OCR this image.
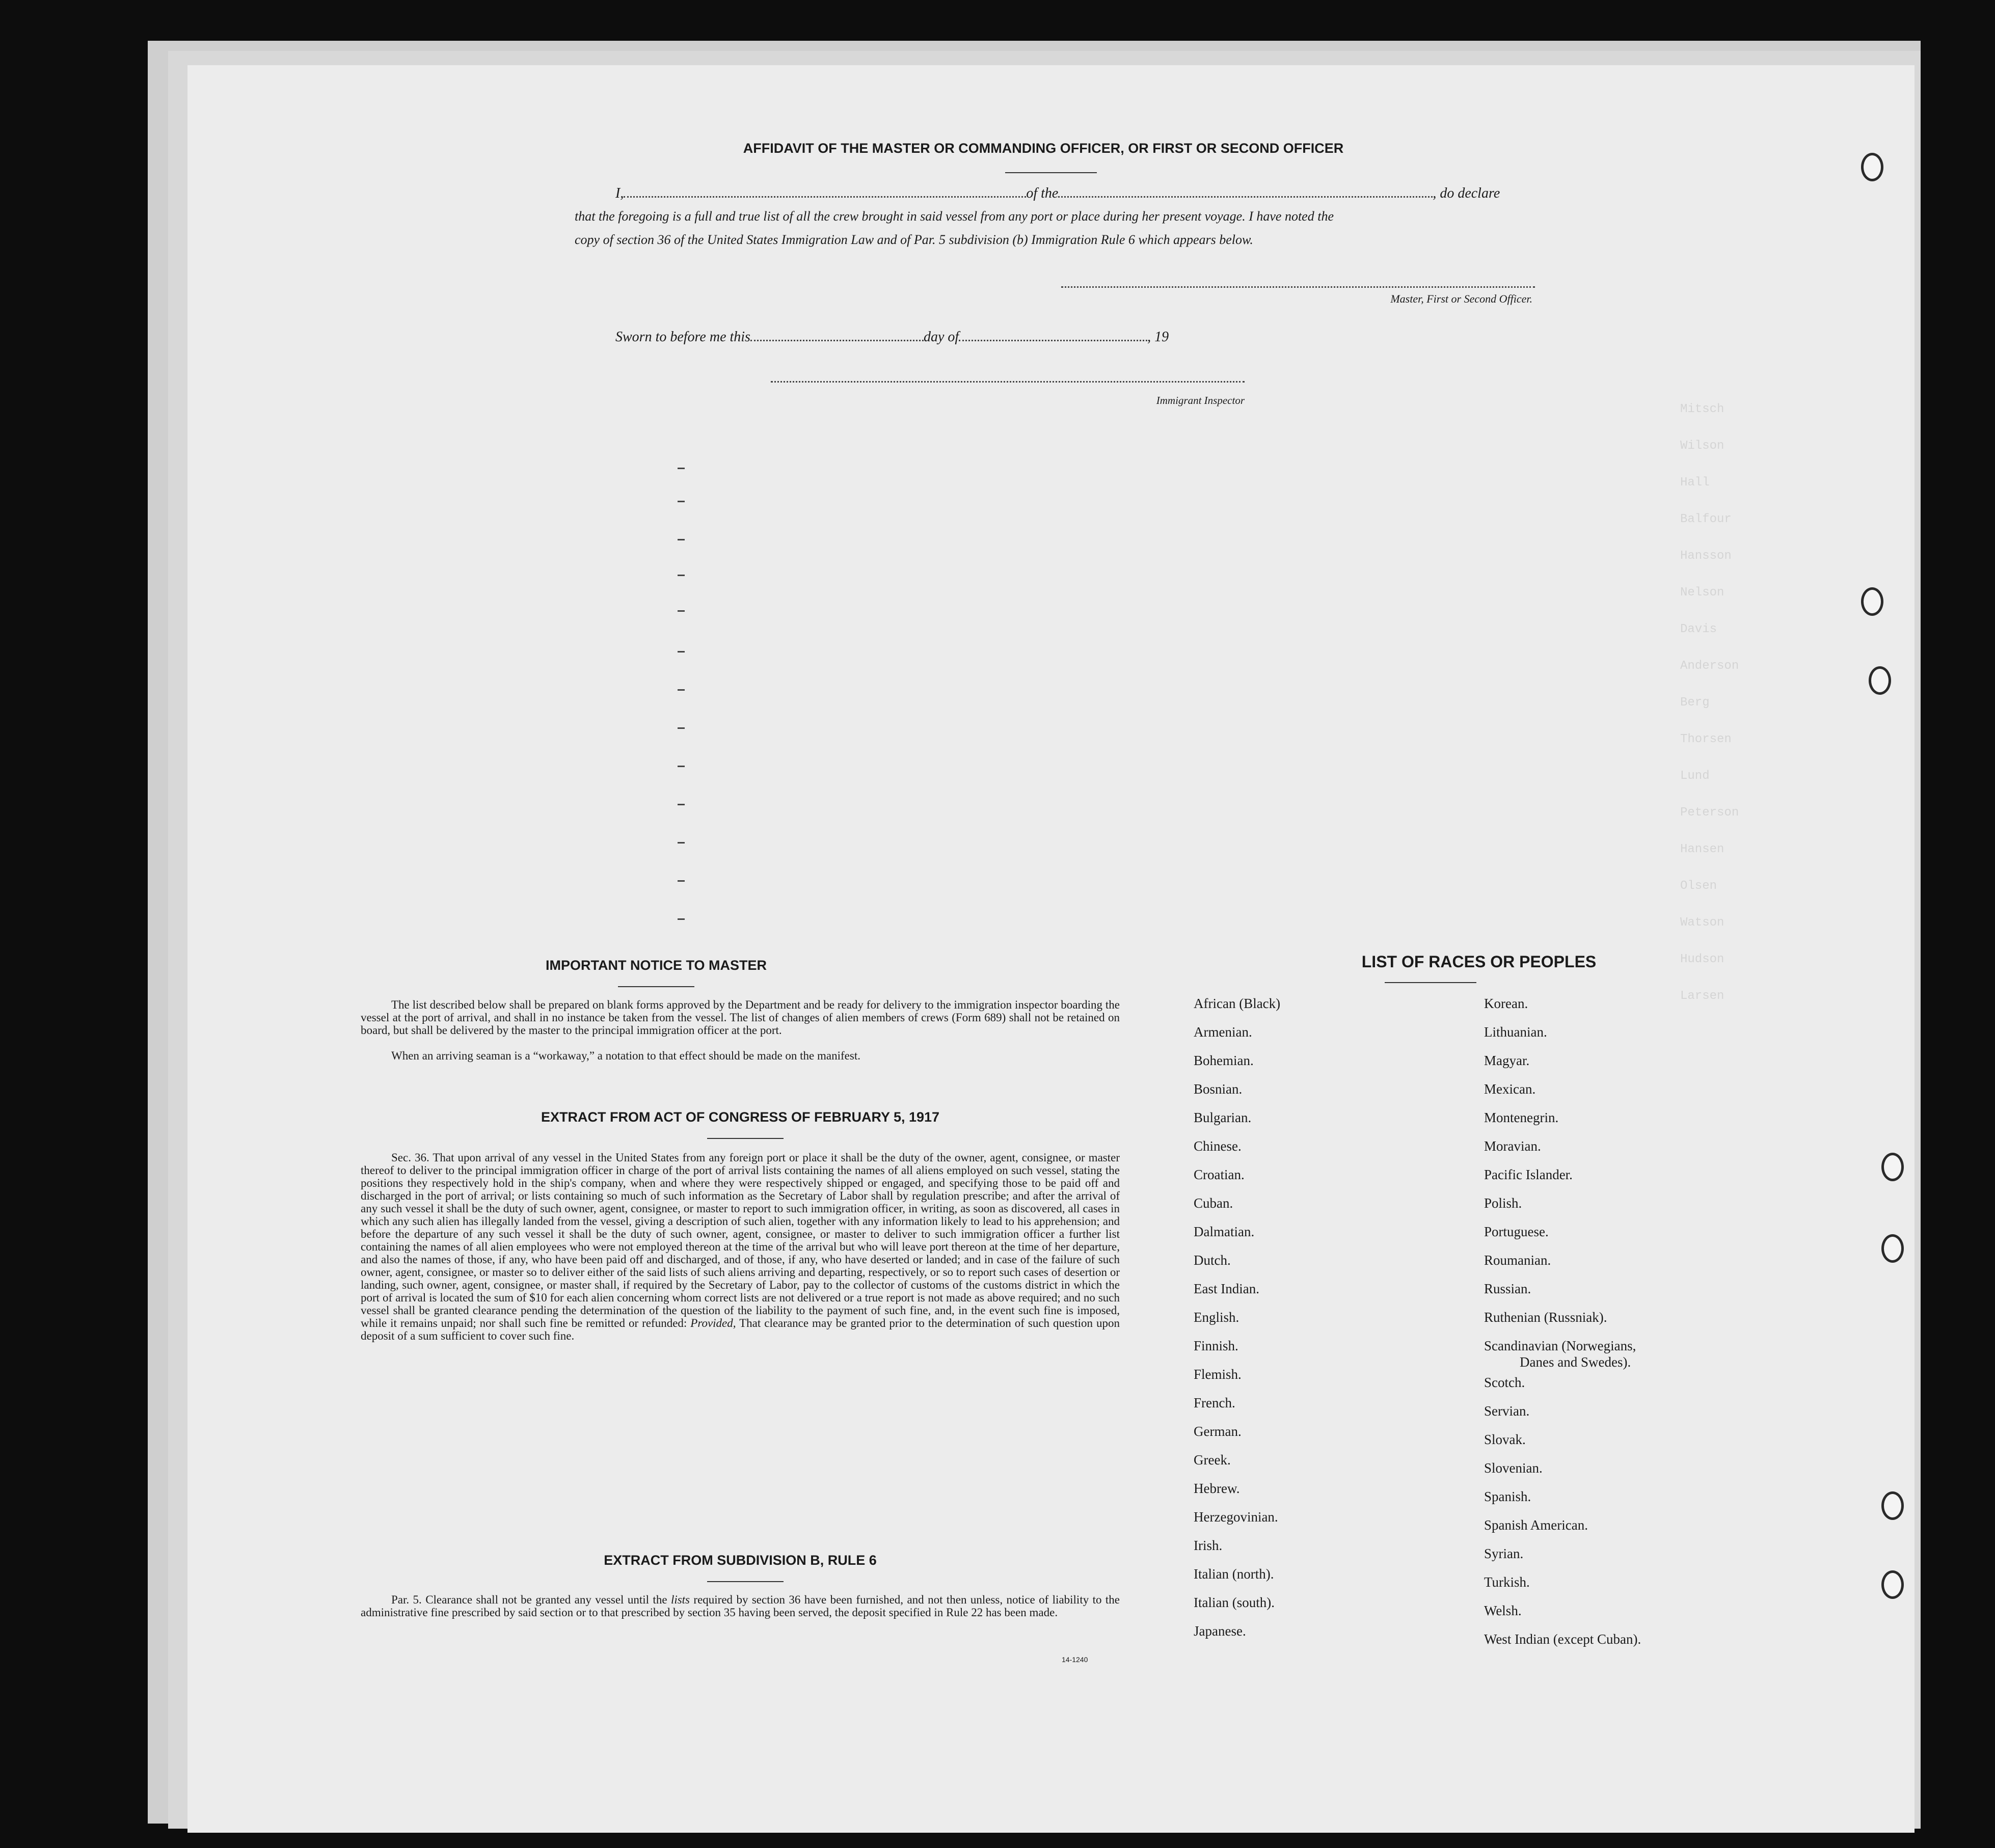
Mitsch
Wilson
Hall
Balfour
Hansson
Nelson
Davis
Anderson
Berg
Thorsen
Lund
Peterson
Hansen
Olsen
Watson
Hudson
Larsen
AFFIDAVIT OF THE MASTER OR COMMANDING OFFICER, OR FIRST OR SECOND OFFICER
I,	of the	, do declare
that the foregoing is a full and true list of all the crew brought in said vessel from any port or place during her present voyage. I have noted the
copy of section 36 of the United States Immigration Law and of Par. 5 subdivision (b) Immigration Rule 6 which appears below.
Master, First or Second Officer.
Sworn to before me this	day of	, 19
Immigrant Inspector
IMPORTANT NOTICE TO MASTER
The list described below shall be prepared on blank forms approved by the Department and be ready for delivery to the immigration inspector boarding the vessel at the port of arrival, and shall in no instance be taken from the vessel. The list of changes of alien members of crews (Form 689) shall not be retained on board, but shall be delivered by the master to the principal immigration officer at the port.
When an arriving seaman is a “workaway,” a notation to that effect should be made on the manifest.
EXTRACT FROM ACT OF CONGRESS OF FEBRUARY 5, 1917
Sec. 36. That upon arrival of any vessel in the United States from any foreign port or place it shall be the duty of the owner, agent, consignee, or master thereof to deliver to the principal immigration officer in charge of the port of arrival lists containing the names of all aliens employed on such vessel, stating the positions they respectively hold in the ship's company, when and where they were respectively shipped or engaged, and specifying those to be paid off and discharged in the port of arrival; or lists containing so much of such information as the Secretary of Labor shall by regulation prescribe; and after the arrival of any such vessel it shall be the duty of such owner, agent, consignee, or master to report to such immigration officer, in writing, as soon as discovered, all cases in which any such alien has illegally landed from the vessel, giving a description of such alien, together with any information likely to lead to his apprehension; and before the departure of any such vessel it shall be the duty of such owner, agent, consignee, or master to deliver to such immigration officer a further list containing the names of all alien employees who were not employed thereon at the time of the arrival but who will leave port thereon at the time of her departure, and also the names of those, if any, who have been paid off and discharged, and of those, if any, who have deserted or landed; and in case of the failure of such owner, agent, consignee, or master so to deliver either of the said lists of such aliens arriving and departing, respectively, or so to report such cases of desertion or landing, such owner, agent, consignee, or master shall, if required by the Secretary of Labor, pay to the collector of customs of the customs district in which the port of arrival is located the sum of $10 for each alien concerning whom correct lists are not delivered or a true report is not made as above required; and no such vessel shall be granted clearance pending the determination of the question of the liability to the payment of such fine, and, in the event such fine is imposed, while it remains unpaid; nor shall such fine be remitted or refunded: Provided, That clearance may be granted prior to the determination of such question upon deposit of a sum sufficient to cover such fine.
EXTRACT FROM SUBDIVISION B, RULE 6
Par. 5. Clearance shall not be granted any vessel until the lists required by section 36 have been furnished, and not then unless, notice of liability to the administrative fine prescribed by said section or to that prescribed by section 35 having been served, the deposit specified in Rule 22 has been made.
14-1240
LIST OF RACES OR PEOPLES
African (Black)
Armenian.
Bohemian.
Bosnian.
Bulgarian.
Chinese.
Croatian.
Cuban.
Dalmatian.
Dutch.
East Indian.
English.
Finnish.
Flemish.
French.
German.
Greek.
Hebrew.
Herzegovinian.
Irish.
Italian (north).
Italian (south).
Japanese.
Korean.
Lithuanian.
Magyar.
Mexican.
Montenegrin.
Moravian.
Pacific Islander.
Polish.
Portuguese.
Roumanian.
Russian.
Ruthenian (Russniak).
Scandinavian (Norwegians,
Danes and Swedes).
Scotch.
Servian.
Slovak.
Slovenian.
Spanish.
Spanish American.
Syrian.
Turkish.
Welsh.
West Indian (except Cuban).
